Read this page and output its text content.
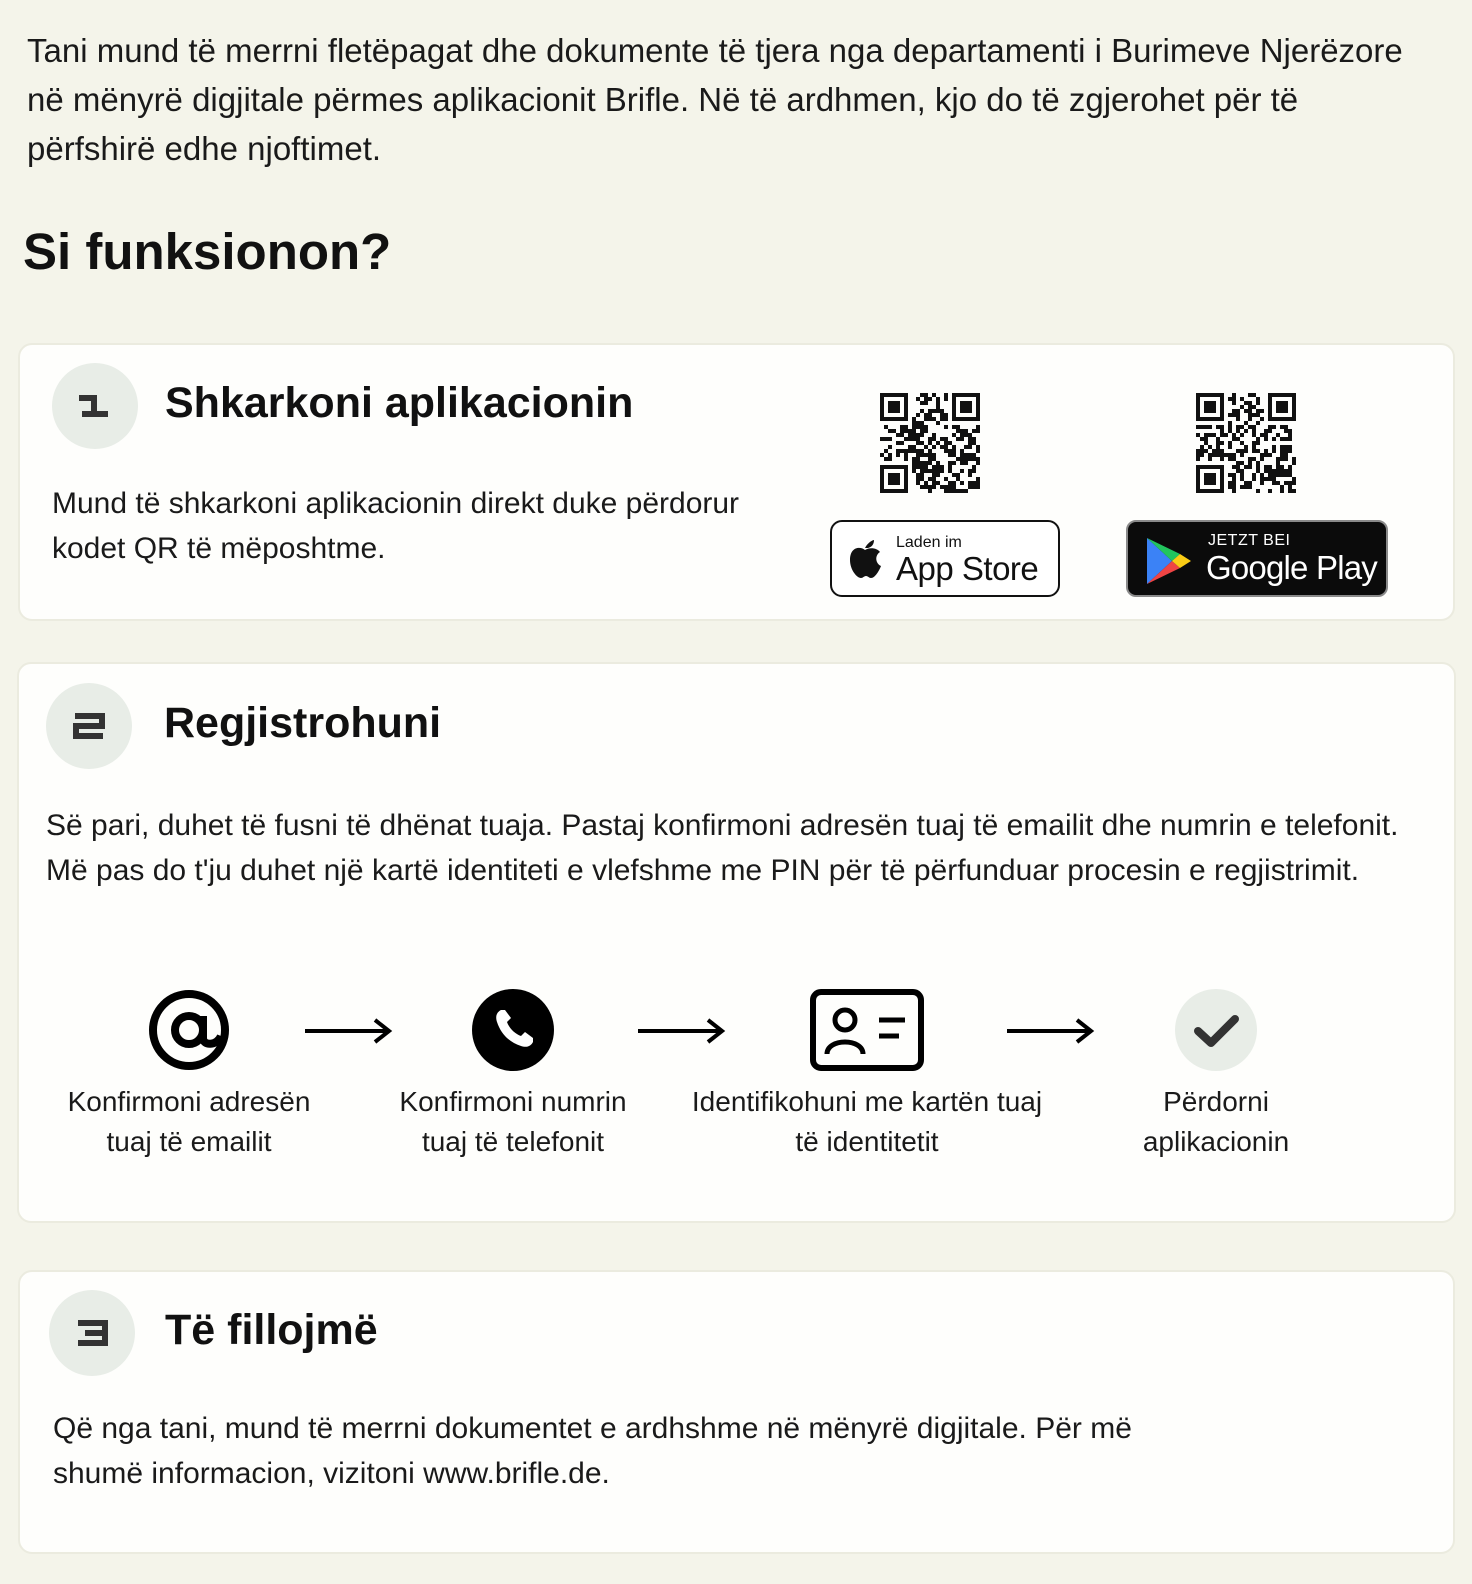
Tani mund të merrni fletëpagat dhe dokumente të tjera nga departamenti i Burimeve Njerëzore në mënyrë digjitale përmes aplikacionit Brifle. Në të ardhmen, kjo do të zgjerohet për të përfshirë edhe njoftimet.

Si funksionon?
Shkarkoni aplikacionin

Mund të shkarkoni aplikacionin direkt duke përdorur kodet QR të mëposhtme.	Laden im
App Store
JETZT BEI
Google Play
Regjistrohuni

Së pari, duhet të fusni të dhënat tuaja. Pastaj konfirmoni adresën tuaj të emailit dhe numrin e telefonit. Më pas do t'ju duhet një kartë identiteti e vlefshme me PIN për të përfunduar procesin e regjistrimit.

Konfirmoni adresën
tuaj të emailit
Konfirmoni numrin
tuaj të telefonit
Identifikohuni me kartën tuaj
të identitetit
Përdorni
aplikacionin
Të fillojmë

Që nga tani, mund të merrni dokumentet e ardhshme në mënyrë digjitale. Për më shumë informacion, vizitoni www.brifle.de.
